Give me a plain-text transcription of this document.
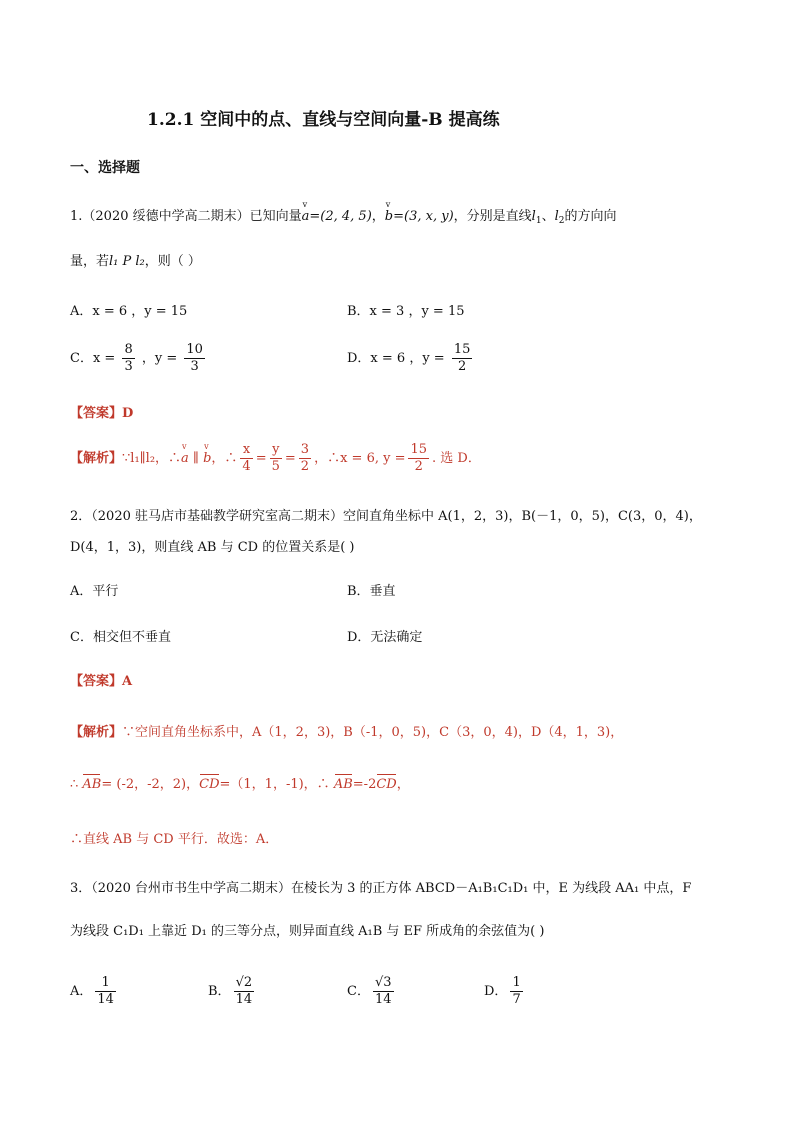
1.2.1 空间中的点、直线与空间向量-B 提高练
一、选择题
1.（2020 绥德中学高二期末）已知向量v a=(2, 4, 5)，v b=(3, x, y)，分别是直线$l_1$、$l_2$的方向向
量，若l₁ P l₂，则（ ）
A．x = 6 ，y = 15	B．x = 3 ，y = 15
C．$x = \frac{8}{3}$ ，$y = \frac{10}{3}$	D．x = 6 ，$y = \frac{15}{2}$
【答案】D
【解析】∵l₁∥l₂，∴v a ∥ v b，∴ $\frac{x}{4} = \frac{y}{5} = \frac{3}{2}$ ，∴x = 6, $y = \frac{15}{2}$ . 选 D．
2．（2020 驻马店市基础教学研究室高二期末）空间直角坐标中 A(1，2，3)，B(－1，0，5)，C(3，0，4)，
D(4，1，3)，则直线 AB 与 CD 的位置关系是( )
A．平行	B．垂直
C．相交但不垂直	D．无法确定
【答案】A
【解析】∵空间直角坐标系中，A（1，2，3)，B（-1，0，5)，C（3，0，4)，D（4，1，3)，
∴ AB= (-2，-2，2)，CD=（1，1，-1)，∴ AB=-2CD，
∴直线 AB 与 CD 平行．故选：A．
3．（2020 台州市书生中学高二期末）在棱长为 3 的正方体 ABCD－A₁B₁C₁D₁ 中，E 为线段 AA₁ 中点，F
为线段 C₁D₁ 上靠近 D₁ 的三等分点，则异面直线 A₁B 与 EF 所成角的余弦值为( )
A． $\frac{1}{14}$	B． $\frac{√2}{14}$	C． $\frac{√3}{14}$	D． $\frac{1}{7}$
